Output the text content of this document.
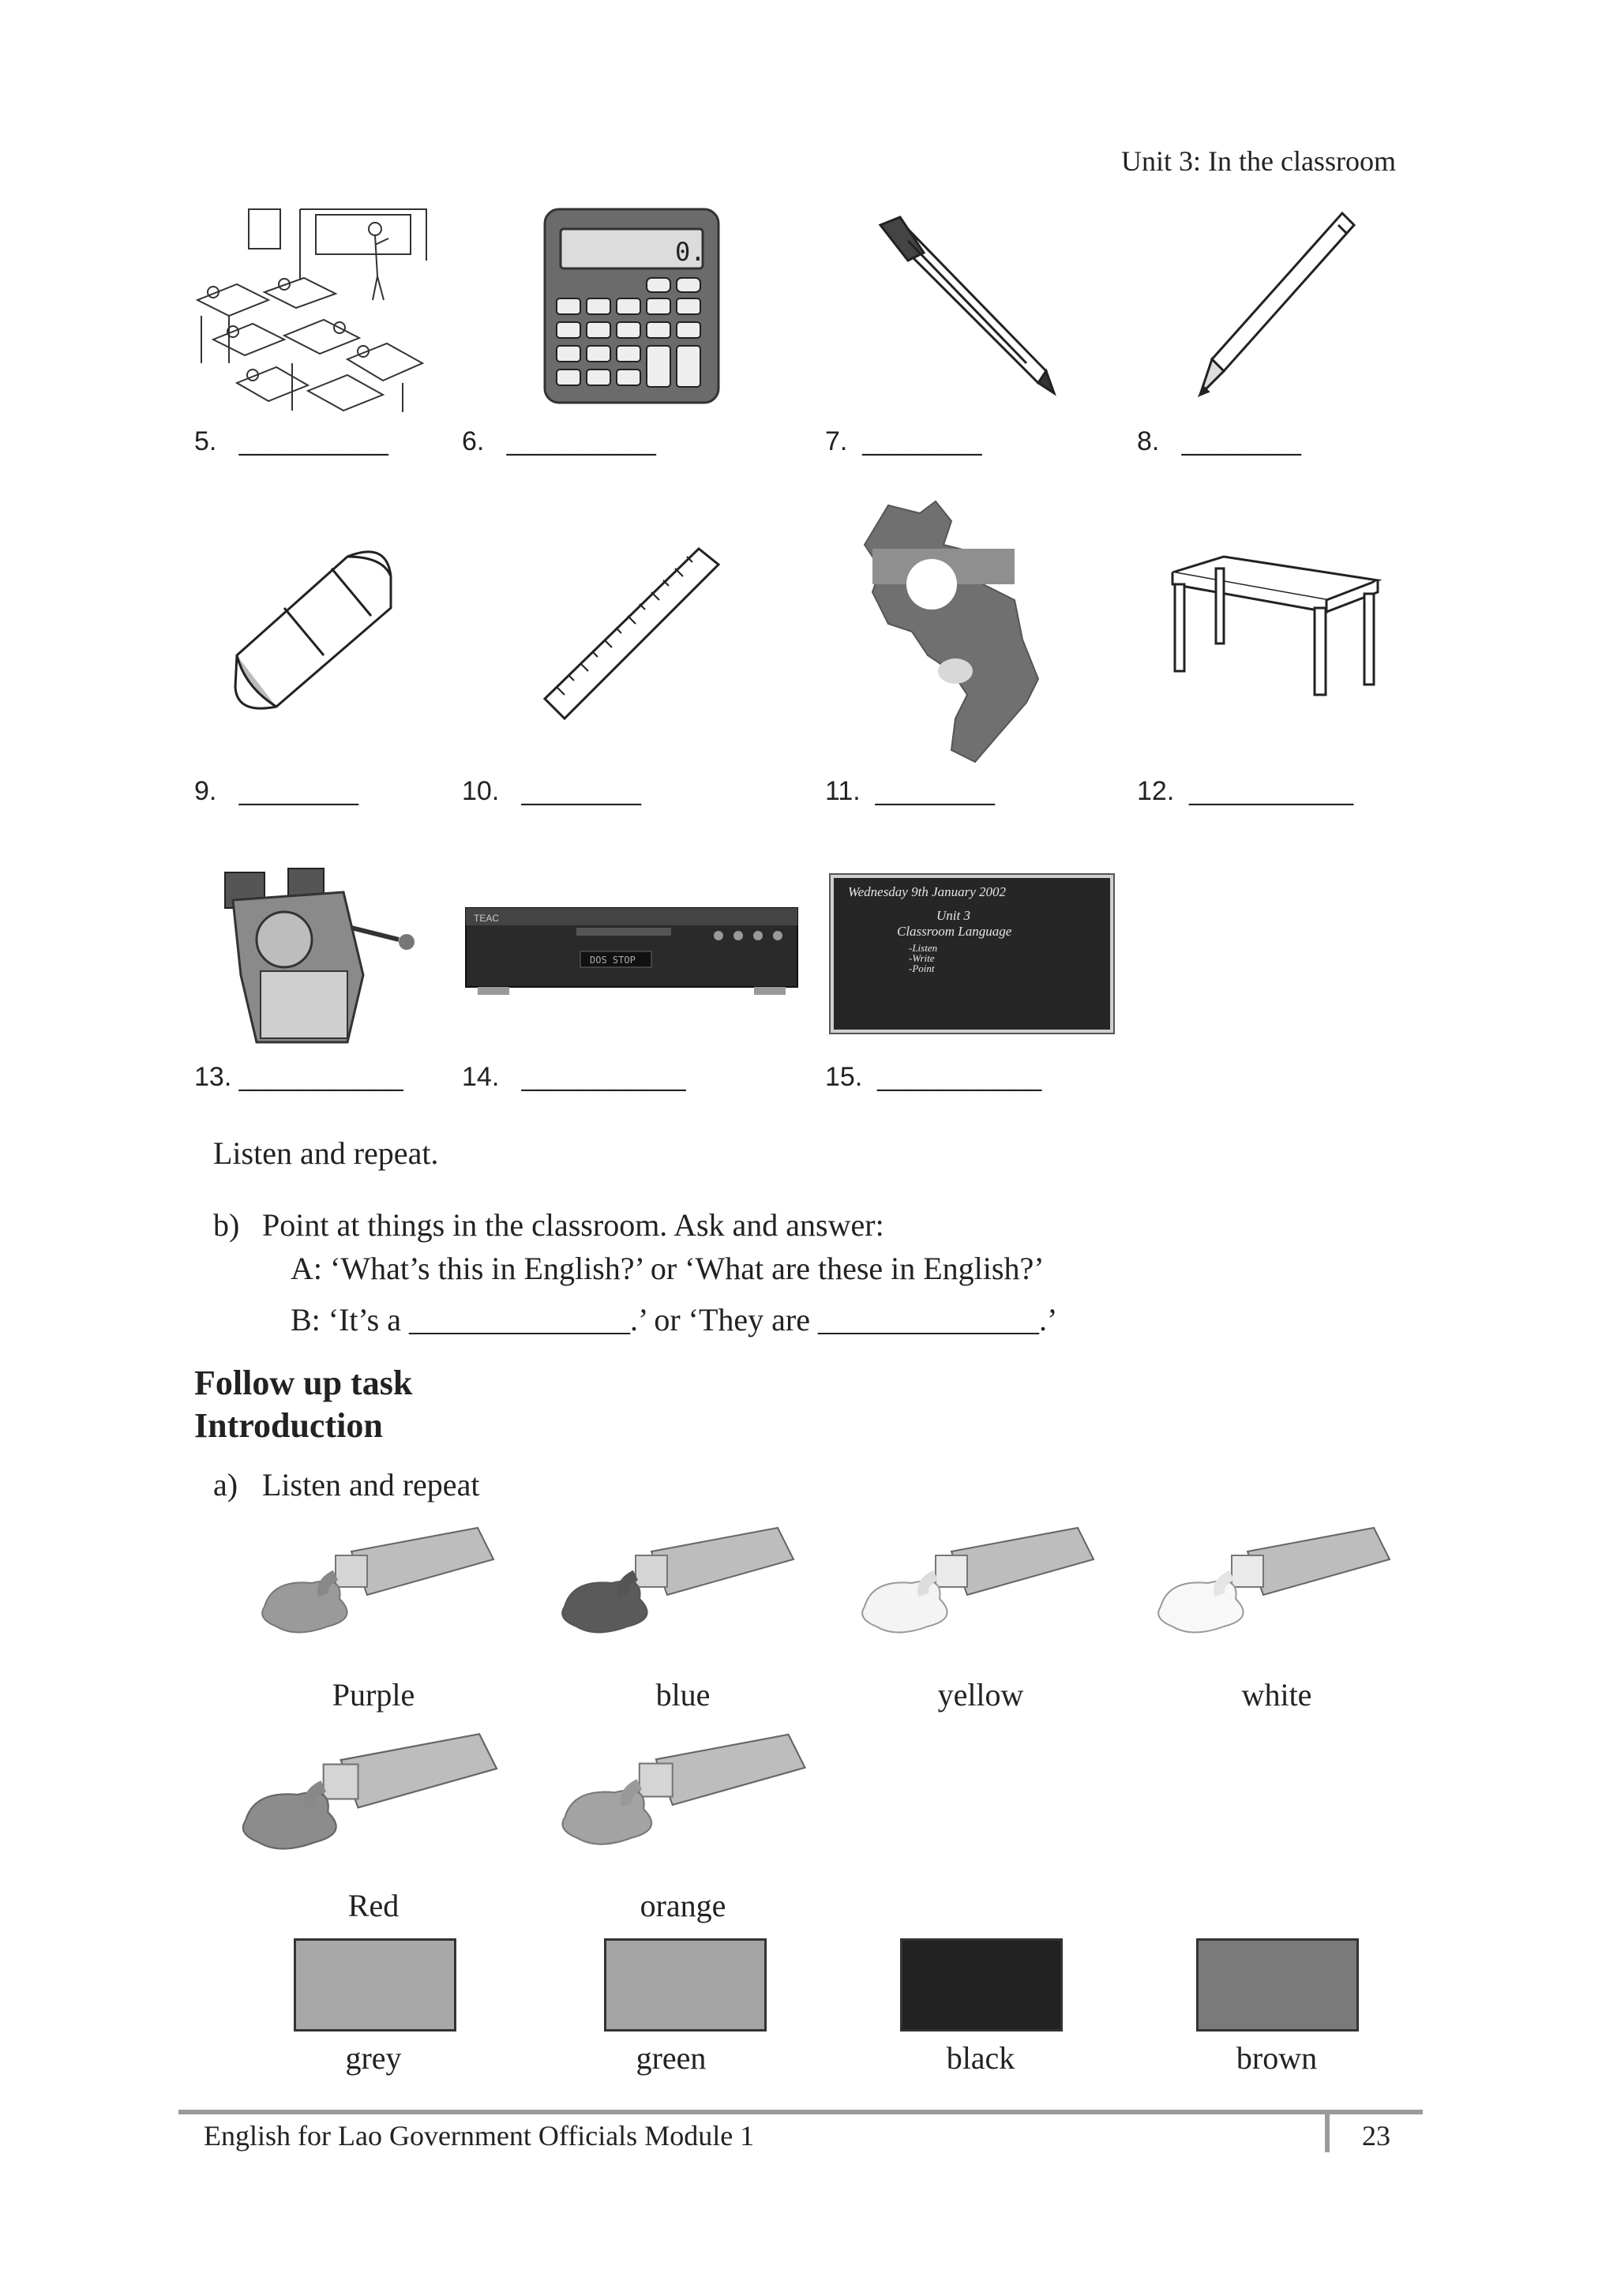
Unit 3: In the classroom
5.   __________
0.
6.   __________	7.  ________	8.   ________
9.   ________	10.   ________	11.  ________	12.  ___________
13. ___________
TEAC
DOS STOP
14.   ___________
Wednesday 9th January 2002
Unit 3
Classroom Language
-Listen
-Write
-Point
15.  ___________
Listen and repeat.
b) Point at things in the classroom. Ask and answer:
A: ‘What’s this in English?’ or ‘What are these in English?’
B: ‘It’s a ______________.’ or ‘They are ______________.’
Follow up task
Introduction
a) Listen and repeat
Purple	blue	yellow	white
Red	orange
grey	green	black	brown
English for Lao Government Officials Module 1	23
